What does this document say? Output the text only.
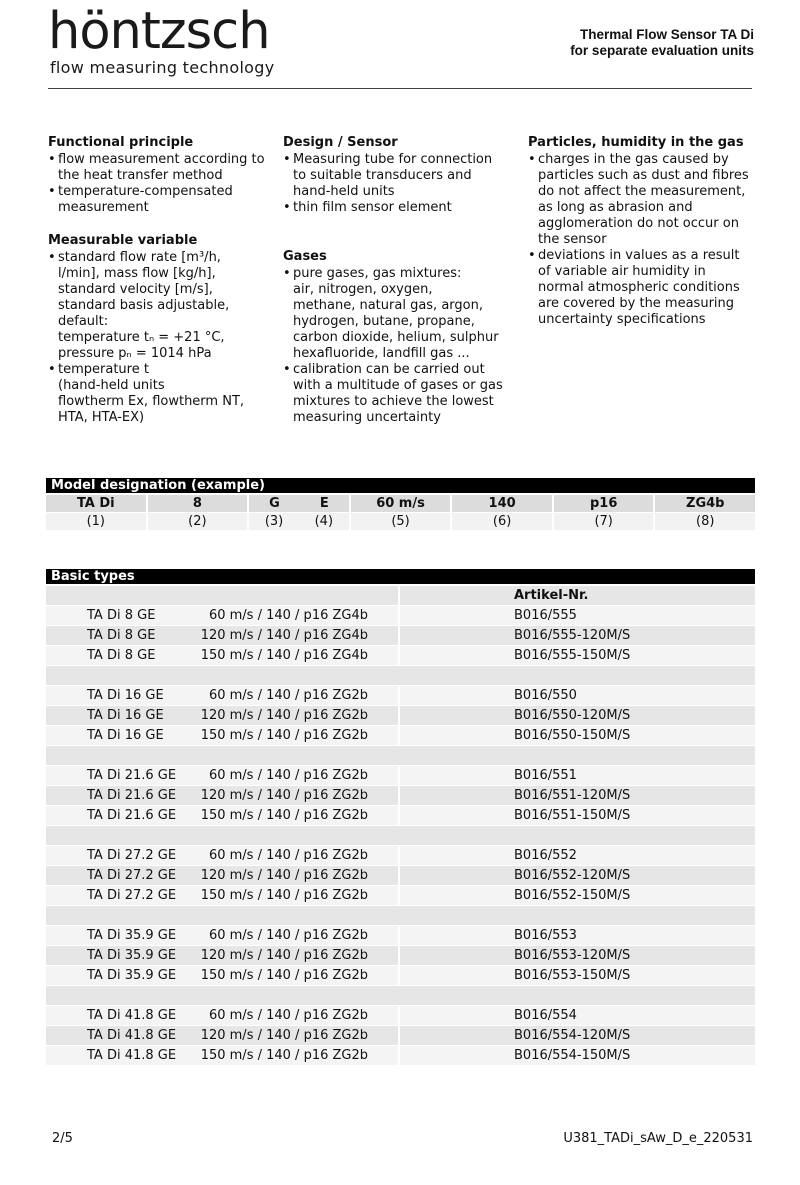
höntzsch
flow measuring technology
Thermal Flow Sensor TA Di
for separate evaluation units
Functional principle
• flow measurement according to
the heat transfer method
• temperature-compensated
measurement
Measurable variable
• standard flow rate [m³/h,
l/min], mass flow [kg/h],
standard velocity [m/s],
standard basis adjustable,
default:
temperature tₙ = +21 °C,
pressure pₙ = 1014 hPa
• temperature t
(hand-held units
flowtherm Ex, flowtherm NT,
HTA, HTA-EX)
Design / Sensor
• Measuring tube for connection
to suitable transducers and
hand-held units
• thin film sensor element
Gases
• pure gases, gas mixtures:
air, nitrogen, oxygen,
methane, natural gas, argon,
hydrogen, butane, propane,
carbon dioxide, helium, sulphur
hexafluoride, landfill gas ...
• calibration can be carried out
with a multitude of gases or gas
mixtures to achieve the lowest
measuring uncertainty
Particles, humidity in the gas
• charges in the gas caused by
particles such as dust and fibres
do not affect the measurement,
as long as abrasion and
agglomeration do not occur on
the sensor
• deviations in values as a result
of variable air humidity in
normal atmospheric conditions
are covered by the measuring
uncertainty specifications
Model designation (example)
TA Di	8	G	E	60 m/s	140	p16	ZG4b
(1)	(2)	(3) (4)	(5)	(6)	(7)	(8)
Basic types
Artikel-Nr.
TA Di 8 GE	60 m/s / 140 / p16 ZG4b	B016/555
TA Di 8 GE	120 m/s / 140 / p16 ZG4b	B016/555-120M/S
TA Di 8 GE	150 m/s / 140 / p16 ZG4b	B016/555-150M/S
TA Di 16 GE	60 m/s / 140 / p16 ZG2b	B016/550
TA Di 16 GE	120 m/s / 140 / p16 ZG2b	B016/550-120M/S
TA Di 16 GE	150 m/s / 140 / p16 ZG2b	B016/550-150M/S
TA Di 21.6 GE	60 m/s / 140 / p16 ZG2b	B016/551
TA Di 21.6 GE 120 m/s / 140 / p16 ZG2b	B016/551-120M/S
TA Di 21.6 GE 150 m/s / 140 / p16 ZG2b	B016/551-150M/S
TA Di 27.2 GE	60 m/s / 140 / p16 ZG2b	B016/552
TA Di 27.2 GE 120 m/s / 140 / p16 ZG2b	B016/552-120M/S
TA Di 27.2 GE 150 m/s / 140 / p16 ZG2b	B016/552-150M/S
TA Di 35.9 GE	60 m/s / 140 / p16 ZG2b	B016/553
TA Di 35.9 GE 120 m/s / 140 / p16 ZG2b	B016/553-120M/S
TA Di 35.9 GE 150 m/s / 140 / p16 ZG2b	B016/553-150M/S
TA Di 41.8 GE	60 m/s / 140 / p16 ZG2b	B016/554
TA Di 41.8 GE 120 m/s / 140 / p16 ZG2b	B016/554-120M/S
TA Di 41.8 GE 150 m/s / 140 / p16 ZG2b	B016/554-150M/S
2/5	U381_TADi_sAw_D_e_220531
